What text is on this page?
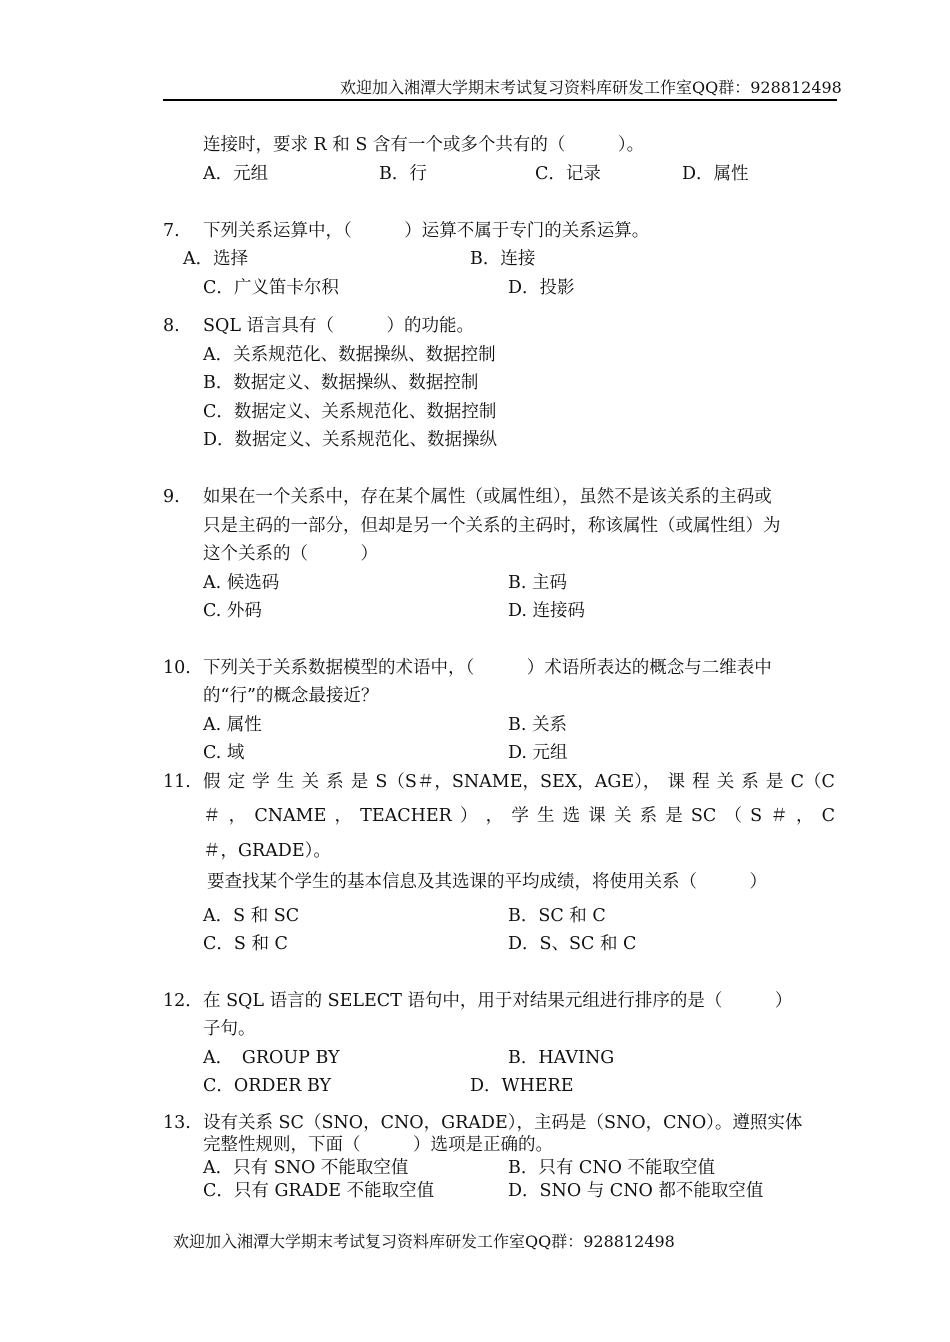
欢迎加入湘潭大学期末考试复习资料库研发工作室QQ群：928812498
连接时，要求 R 和 S 含有一个或多个共有的（　　　）。
A．元组	B．行	C．记录	D．属性
7. 下列关系运算中，（　　　）运算不属于专门的关系运算。
A．选择	B．连接
C．广义笛卡尔积	D．投影
8. SQL 语言具有（　　　）的功能。
A．关系规范化、数据操纵、数据控制
B．数据定义、数据操纵、数据控制
C．数据定义、关系规范化、数据控制
D．数据定义、关系规范化、数据操纵
9. 如果在一个关系中，存在某个属性（或属性组），虽然不是该关系的主码或
只是主码的一部分，但却是另一个关系的主码时，称该属性（或属性组）为
这个关系的（　　　）
A. 候选码	B. 主码
C. 外码	D. 连接码
10. 下列关于关系数据模型的术语中，（　　　）术语所表达的概念与二维表中
的“行”的概念最接近？
A. 属性	B. 关系
C. 域	D. 元组
11. 假 定 学 生 关 系 是 S（S＃，SNAME，SEX，AGE）， 课 程 关 系 是 C（C
＃ ， CNAME ， TEACHER ） ， 学 生 选 课 关 系 是 SC （ S ＃ ， C
＃，GRADE）。
要查找某个学生的基本信息及其选课的平均成绩，将使用关系（　　　）
A．S 和 SC	B．SC 和 C
C．S 和 C	D．S、SC 和 C
12． 在 SQL 语言的 SELECT 语句中，用于对结果元组进行排序的是（　　　）
子句。
A．　GROUP BY	B．HAVING
C．ORDER BY	D．WHERE
13. 设有关系 SC（SNO，CNO，GRADE），主码是（SNO，CNO）。遵照实体
完整性规则，下面（　　　）选项是正确的。
A．只有 SNO 不能取空值	B．只有 CNO 不能取空值
C．只有 GRADE 不能取空值	D．SNO 与 CNO 都不能取空值
欢迎加入湘潭大学期末考试复习资料库研发工作室QQ群：928812498
